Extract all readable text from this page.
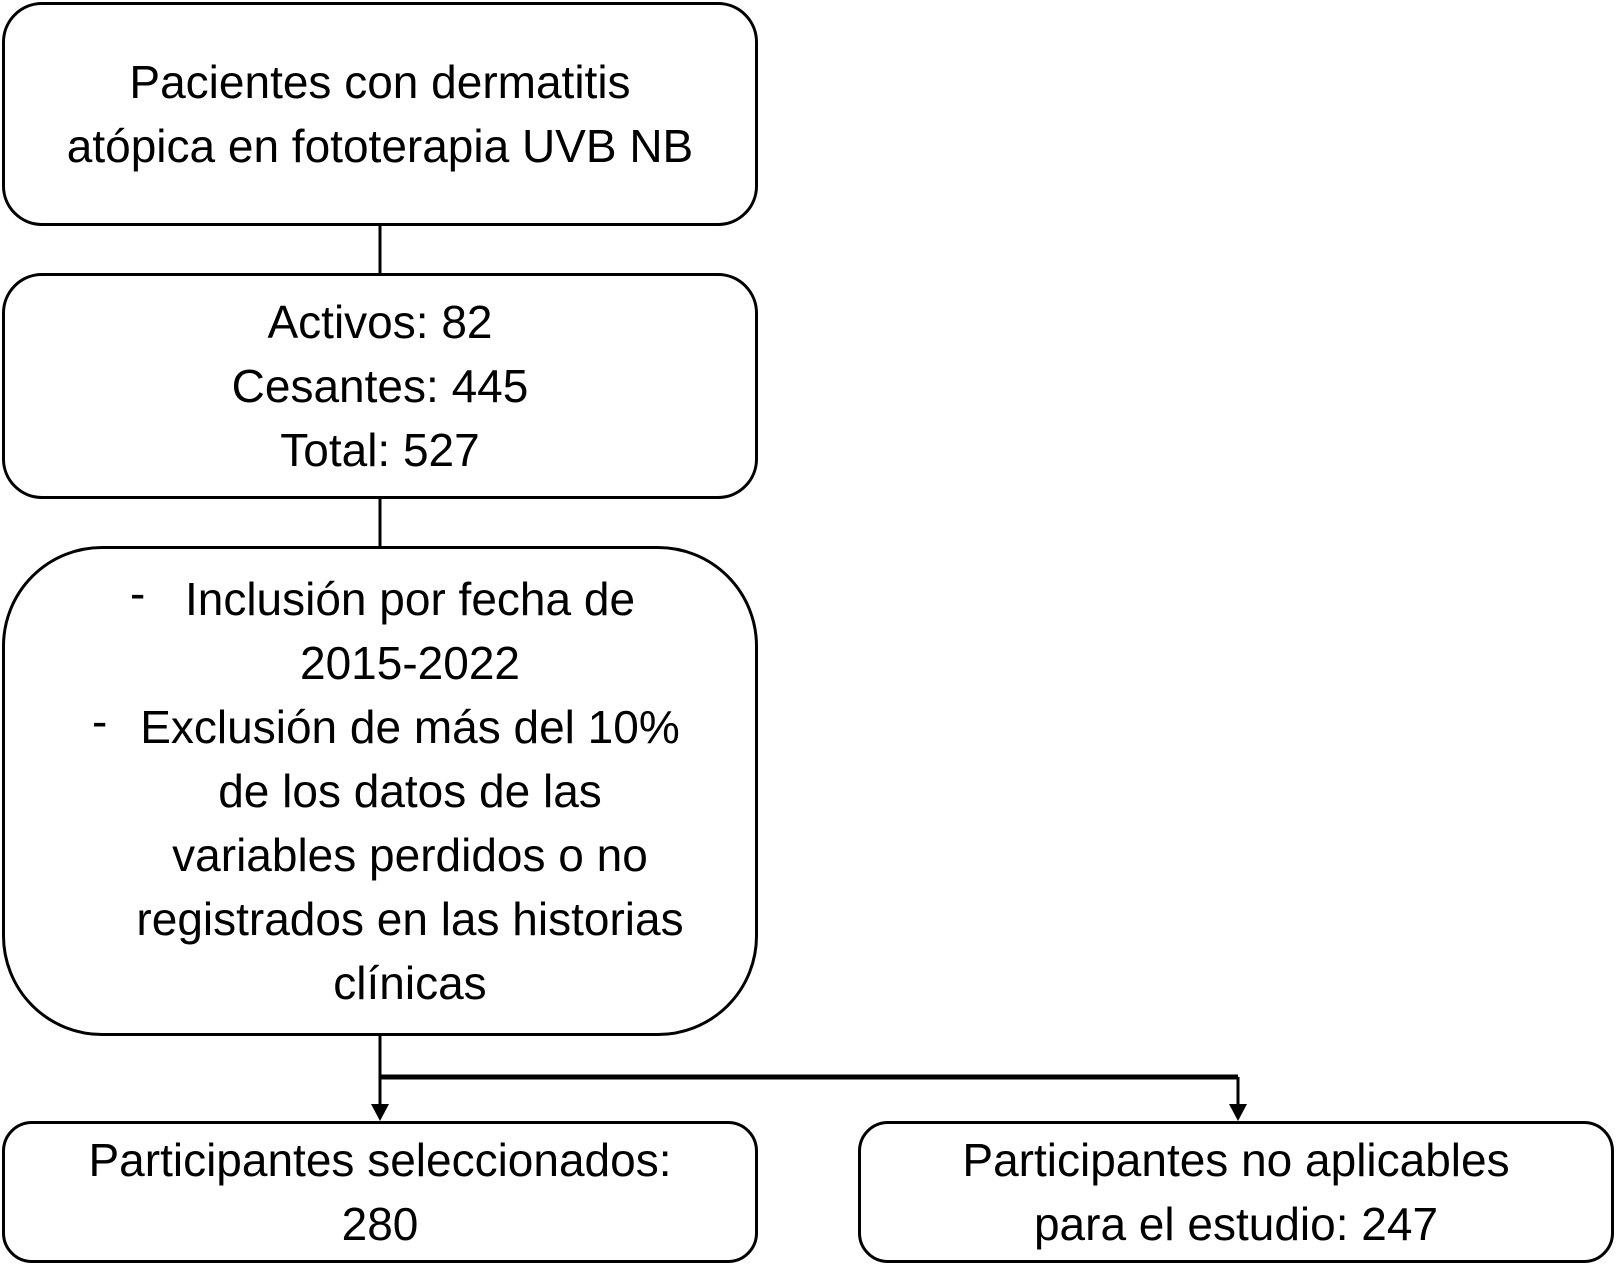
Pacientes con dermatitis
atópica en fototerapia UVB NB
Activos: 82
Cesantes: 445
Total: 527
- Inclusión por fecha de
2015-2022
- Exclusión de más del 10%
de los datos de las
variables perdidos o no
registrados en las historias
clínicas
Participantes seleccionados:
280
Participantes no aplicables
para el estudio: 247
